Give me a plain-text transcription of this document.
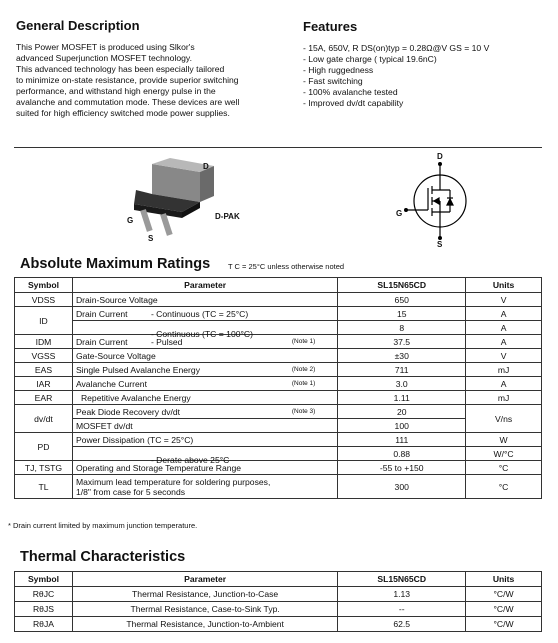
General Description
This Power MOSFET is produced using Slkor's
advanced Superjunction MOSFET technology.
This advanced technology has been especially tailored
to minimize on-state resistance, provide superior switching
performance, and withstand high energy pulse in the
avalanche and commutation mode. These devices are well
suited for high efficiency switched mode power supplies.
Features
- 15A, 650V, R DS(on)typ = 0.28Ω@V GS = 10 V
- Low gate charge ( typical 19.6nC)
- High ruggedness
- Fast switching
- 100% avalanche tested
- Improved dv/dt capability
D
G
S
D-PAK
D
G
S
Absolute Maximum Ratings T C = 25°C unless otherwise noted
Symbol	Parameter	SL15N65CD	Units
VDSS	Drain-Source Voltage	650	V
ID	Drain Current - Continuous (TC = 25°C)	15	A

	- Continuous (TC = 100°C)	8	A
IDM	Drain Current - Pulsed (Note 1)	37.5	A
VGSS	Gate-Source Voltage	±30	V
EAS	Single Pulsed Avalanche Energy (Note 2)	711	mJ
IAR	Avalanche Current (Note 1)	3.0	A
EAR	Repetitive Avalanche Energy	1.11	mJ
dv/dt	Peak Diode Recovery dv/dt (Note 3)	20	V/ns
	MOSFET dv/dt	100	
PD	Power Dissipation (TC = 25°C)	111	W

	- Derate above 25°C	0.88	W/°C
TJ, TSTG	Operating and Storage Temperature Range	-55 to +150	°C
TL	Maximum lead temperature for soldering purposes,
1/8" from case for 5 seconds	300	°C
* Drain current limited by maximum junction temperature.
Thermal Characteristics
Symbol	Parameter	SL15N65CD	Units
RθJC	Thermal Resistance, Junction-to-Case	1.13	°C/W
RθJS	Thermal Resistance, Case-to-Sink Typ.	--	°C/W
RθJA	Thermal Resistance, Junction-to-Ambient	62.5	°C/W
